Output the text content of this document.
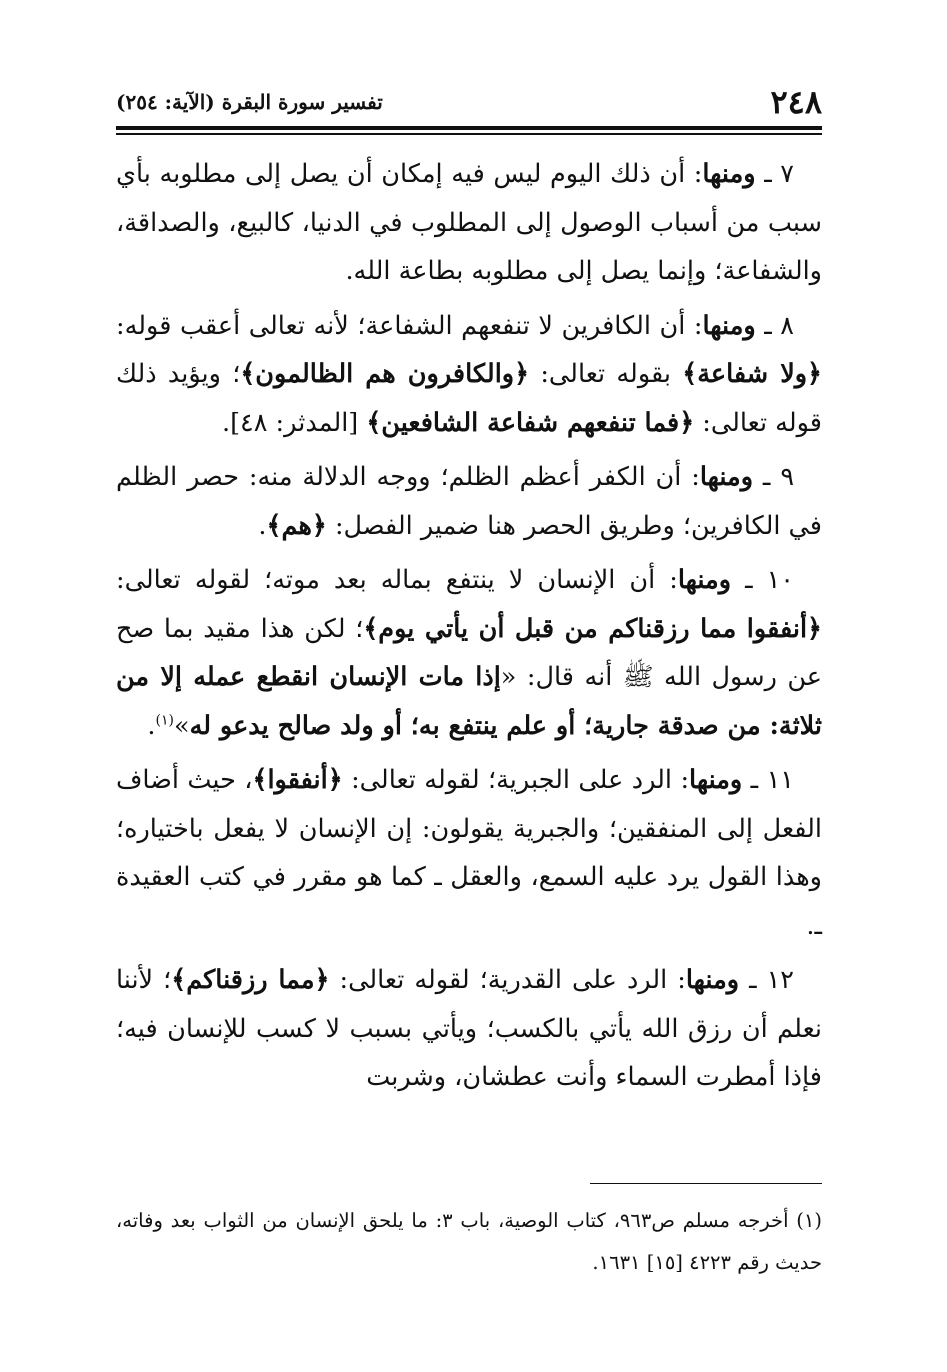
٢٤٨
تفسير سورة البقرة (الآية: ٢٥٤)

٧ ـ ومنها: أن ذلك اليوم ليس فيه إمكان أن يصل إلى مطلوبه بأي سبب من أسباب الوصول إلى المطلوب في الدنيا، كالبيع، والصداقة، والشفاعة؛ وإنما يصل إلى مطلوبه بطاعة الله.

٨ ـ ومنها: أن الكافرين لا تنفعهم الشفاعة؛ لأنه تعالى أعقب قوله: ﴿ولا شفاعة﴾ بقوله تعالى: ﴿والكافرون هم الظالمون﴾؛ ويؤيد ذلك قوله تعالى: ﴿فما تنفعهم شفاعة الشافعين﴾ [المدثر: ٤٨].

٩ ـ ومنها: أن الكفر أعظم الظلم؛ ووجه الدلالة منه: حصر الظلم في الكافرين؛ وطريق الحصر هنا ضمير الفصل: ﴿هم﴾.

١٠ ـ ومنها: أن الإنسان لا ينتفع بماله بعد موته؛ لقوله تعالى: ﴿أنفقوا مما رزقناكم من قبل أن يأتي يوم﴾؛ لكن هذا مقيد بما صح عن رسول الله ﷺ أنه قال: «إذا مات الإنسان انقطع عمله إلا من ثلاثة: من صدقة جارية؛ أو علم ينتفع به؛ أو ولد صالح يدعو له»$^{(١)}$.

١١ ـ ومنها: الرد على الجبرية؛ لقوله تعالى: ﴿أنفقوا﴾، حيث أضاف الفعل إلى المنفقين؛ والجبرية يقولون: إن الإنسان لا يفعل باختياره؛ وهذا القول يرد عليه السمع، والعقل ـ كما هو مقرر في كتب العقيدة ـ.

١٢ ـ ومنها: الرد على القدرية؛ لقوله تعالى: ﴿مما رزقناكم﴾؛ لأننا نعلم أن رزق الله يأتي بالكسب؛ ويأتي بسبب لا كسب للإنسان فيه؛ فإذا أمطرت السماء وأنت عطشان، وشربت

(١) أخرجه مسلم ص٩٦٣، كتاب الوصية، باب ٣: ما يلحق الإنسان من الثواب بعد وفاته، حديث رقم ٤٢٢٣ [١٥] ١٦٣١.
